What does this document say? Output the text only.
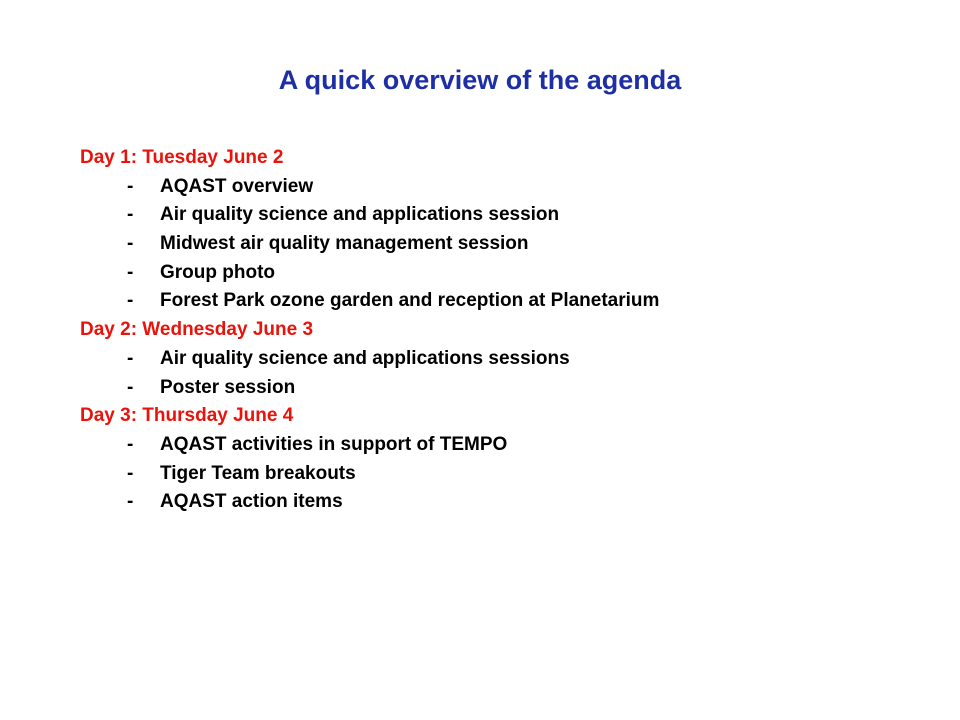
A quick overview of the agenda
Day 1: Tuesday June 2
- AQAST overview
- Air quality science and applications session
- Midwest air quality management session
- Group photo
- Forest Park ozone garden and reception at Planetarium
Day 2: Wednesday June 3
- Air quality science and applications sessions
- Poster session
Day 3: Thursday June 4
- AQAST activities in support of TEMPO
- Tiger Team breakouts
- AQAST action items
